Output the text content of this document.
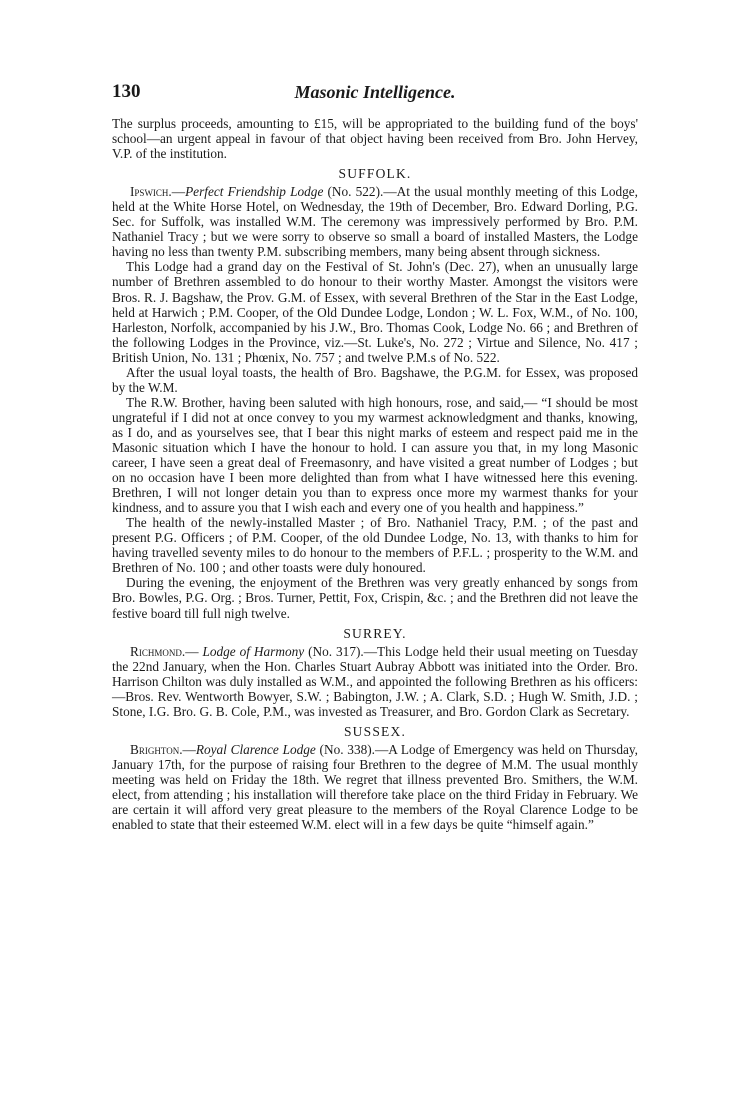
130	Masonic Intelligence.

The surplus proceeds, amounting to £15, will be appropriated to the building fund of the boys' school—an urgent appeal in favour of that object having been received from Bro. John Hervey, V.P. of the institution.

SUFFOLK.

Ipswich.—Perfect Friendship Lodge (No. 522).—At the usual monthly meeting of this Lodge, held at the White Horse Hotel, on Wednesday, the 19th of December, Bro. Edward Dorling, P.G. Sec. for Suffolk, was installed W.M. The ceremony was impressively performed by Bro. P.M. Nathaniel Tracy ; but we were sorry to observe so small a board of installed Masters, the Lodge having no less than twenty P.M. subscribing members, many being absent through sickness.

This Lodge had a grand day on the Festival of St. John's (Dec. 27), when an unusually large number of Brethren assembled to do honour to their worthy Master. Amongst the visitors were Bros. R. J. Bagshaw, the Prov. G.M. of Essex, with several Brethren of the Star in the East Lodge, held at Harwich ; P.M. Cooper, of the Old Dundee Lodge, London ; W. L. Fox, W.M., of No. 100, Harleston, Norfolk, accompanied by his J.W., Bro. Thomas Cook, Lodge No. 66 ; and Brethren of the following Lodges in the Province, viz.—St. Luke's, No. 272 ; Virtue and Silence, No. 417 ; British Union, No. 131 ; Phœnix, No. 757 ; and twelve P.M.s of No. 522.

After the usual loyal toasts, the health of Bro. Bagshawe, the P.G.M. for Essex, was proposed by the W.M.

The R.W. Brother, having been saluted with high honours, rose, and said,— “I should be most ungrateful if I did not at once convey to you my warmest acknowledgment and thanks, knowing, as I do, and as yourselves see, that I bear this night marks of esteem and respect paid me in the Masonic situation which I have the honour to hold. I can assure you that, in my long Masonic career, I have seen a great deal of Freemasonry, and have visited a great number of Lodges ; but on no occasion have I been more delighted than from what I have witnessed here this evening. Brethren, I will not longer detain you than to express once more my warmest thanks for your kindness, and to assure you that I wish each and every one of you health and happiness.”

The health of the newly-installed Master ; of Bro. Nathaniel Tracy, P.M. ; of the past and present P.G. Officers ; of P.M. Cooper, of the old Dundee Lodge, No. 13, with thanks to him for having travelled seventy miles to do honour to the members of P.F.L. ; prosperity to the W.M. and Brethren of No. 100 ; and other toasts were duly honoured.

During the evening, the enjoyment of the Brethren was very greatly enhanced by songs from Bro. Bowles, P.G. Org. ; Bros. Turner, Pettit, Fox, Crispin, &c. ; and the Brethren did not leave the festive board till full nigh twelve.

SURREY.

Richmond.— Lodge of Harmony (No. 317).—This Lodge held their usual meeting on Tuesday the 22nd January, when the Hon. Charles Stuart Aubray Abbott was initiated into the Order. Bro. Harrison Chilton was duly installed as W.M., and appointed the following Brethren as his officers:—Bros. Rev. Wentworth Bowyer, S.W. ; Babington, J.W. ; A. Clark, S.D. ; Hugh W. Smith, J.D. ; Stone, I.G. Bro. G. B. Cole, P.M., was invested as Treasurer, and Bro. Gordon Clark as Secretary.

SUSSEX.

Brighton.—Royal Clarence Lodge (No. 338).—A Lodge of Emergency was held on Thursday, January 17th, for the purpose of raising four Brethren to the degree of M.M. The usual monthly meeting was held on Friday the 18th. We regret that illness prevented Bro. Smithers, the W.M. elect, from attending ; his installation will therefore take place on the third Friday in February. We are certain it will afford very great pleasure to the members of the Royal Clarence Lodge to be enabled to state that their esteemed W.M. elect will in a few days be quite “himself again.”
